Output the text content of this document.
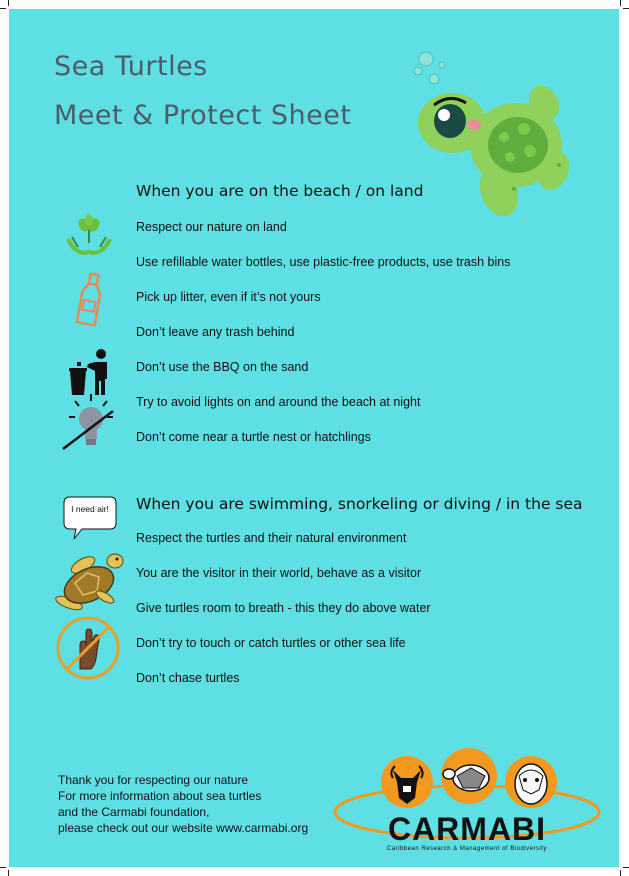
Sea Turtles
Meet & Protect Sheet
When you are on the beach / on land

Respect our nature on land

Use refillable water bottles, use plastic-free products, use trash bins

Pick up litter, even if it’s not yours

Don’t leave any trash behind

Don’t use the BBQ on the sand

Try to avoid lights on and around the beach at night

Don’t come near a turtle nest or hatchlings

When you are swimming, snorkeling or diving / in the sea

Respect the turtles and their natural environment

You are the visitor in their world, behave as a visitor

Give turtles room to breath - this they do above water

Don’t try to touch or catch turtles or other sea life

Don’t chase turtles

I need air!
Thank you for respecting our nature
For more information about sea turtles
and the Carmabi foundation,
please check out our website www.carmabi.org CARMABI
Caribbean Research & Management of Biodiversity
